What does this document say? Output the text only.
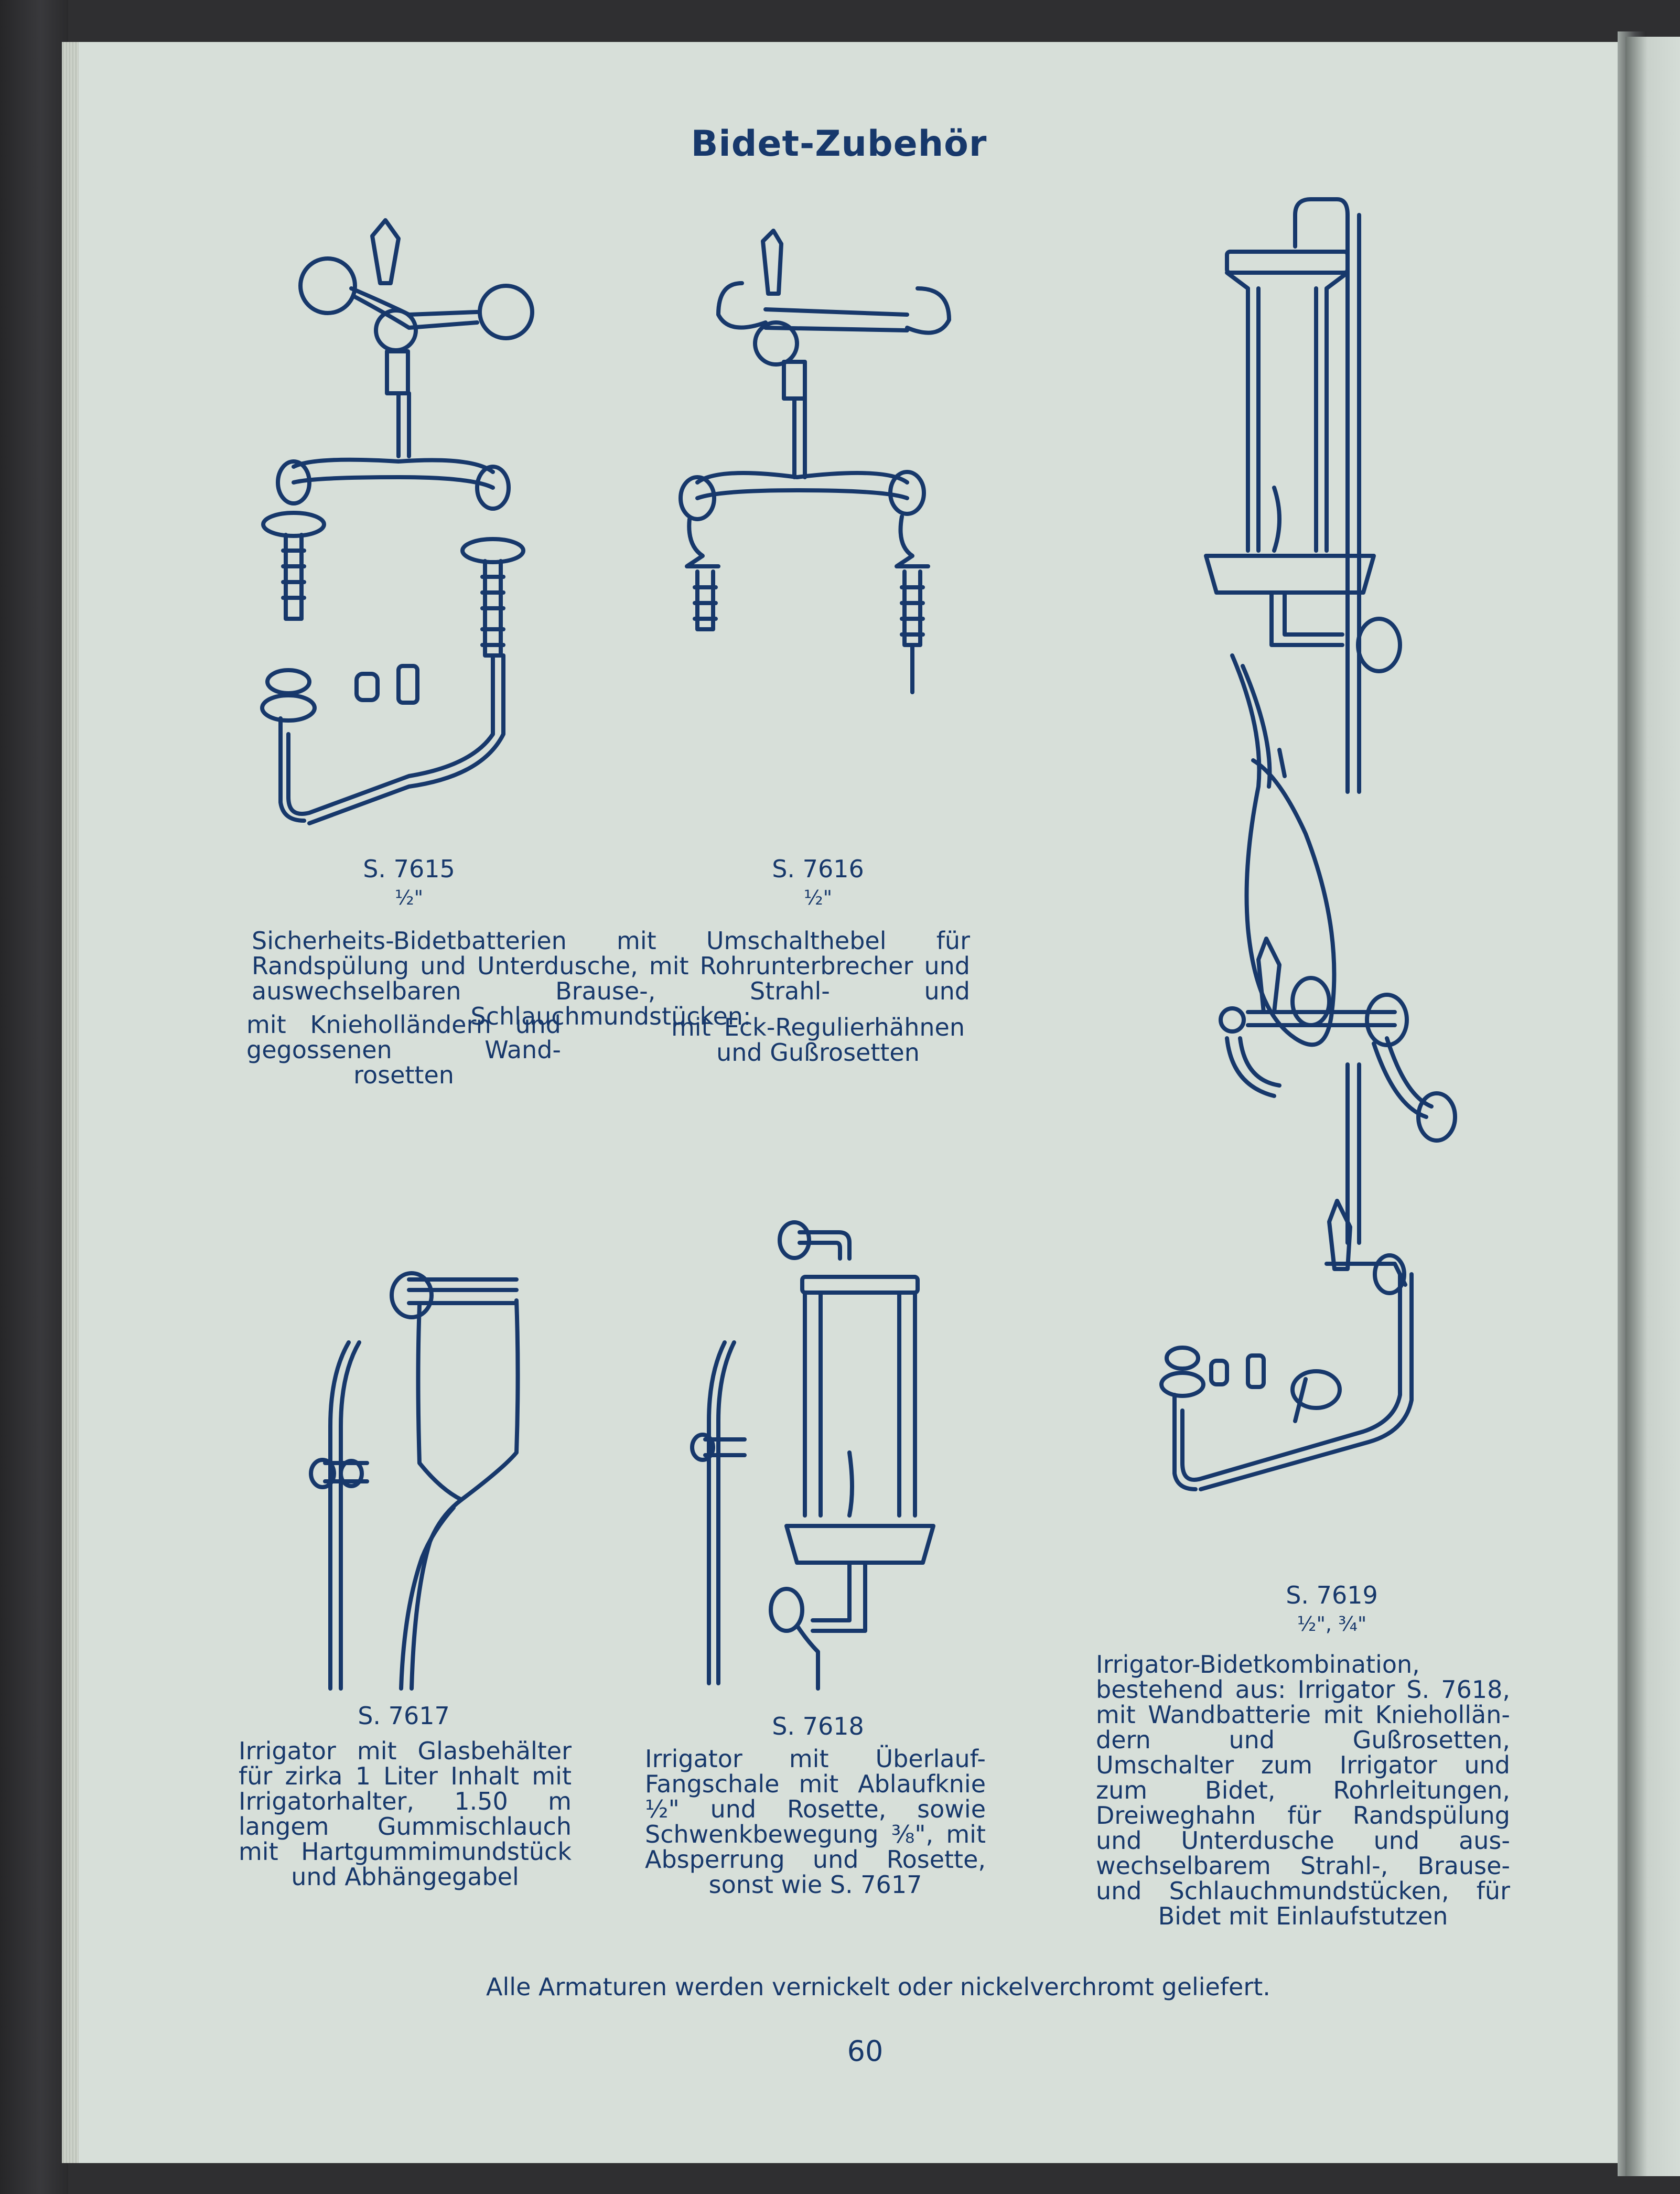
Bidet-Zubehör
S. 7615
½"
S. 7616
½"
Sicherheits-Bidetbatterien mit Umschalthebel für Randspülung und Unterdusche, mit Rohrunterbrecher und auswechselbaren Brause-, Strahl- und Schlauchmundstücken:
mit Knieholländern und gegossenen Wandrosetten
mit Eck-Regulierhähnen und Gußrosetten
S. 7619
½", ¾"
Irrigator-Bidetkombination, bestehend aus: Irrigator S. 7618, mit Wandbatterie mit Knieholländern und Gußrosetten, Umschalter zum Irrigator und zum Bidet, Rohrleitungen, Dreiweghahn für Randspülung und Unterdusche und auswechselbarem Strahl-, Brause- und Schlauchmundstücken, für Bidet mit Einlaufstutzen
S. 7617
Irrigator mit Glasbehälter für zirka 1 Liter Inhalt mit Irrigatorhalter, 1.50 m langem Gummischlauch mit Hartgummimundstück und Abhängegabel
S. 7618
Irrigator mit Überlauf-Fangschale mit Ablaufknie ½" und Rosette, sowie Schwenkbewegung ⅜", mit Absperrung und Rosette, sonst wie S. 7617
Alle Armaturen werden vernickelt oder nickelverchromt geliefert.
60
